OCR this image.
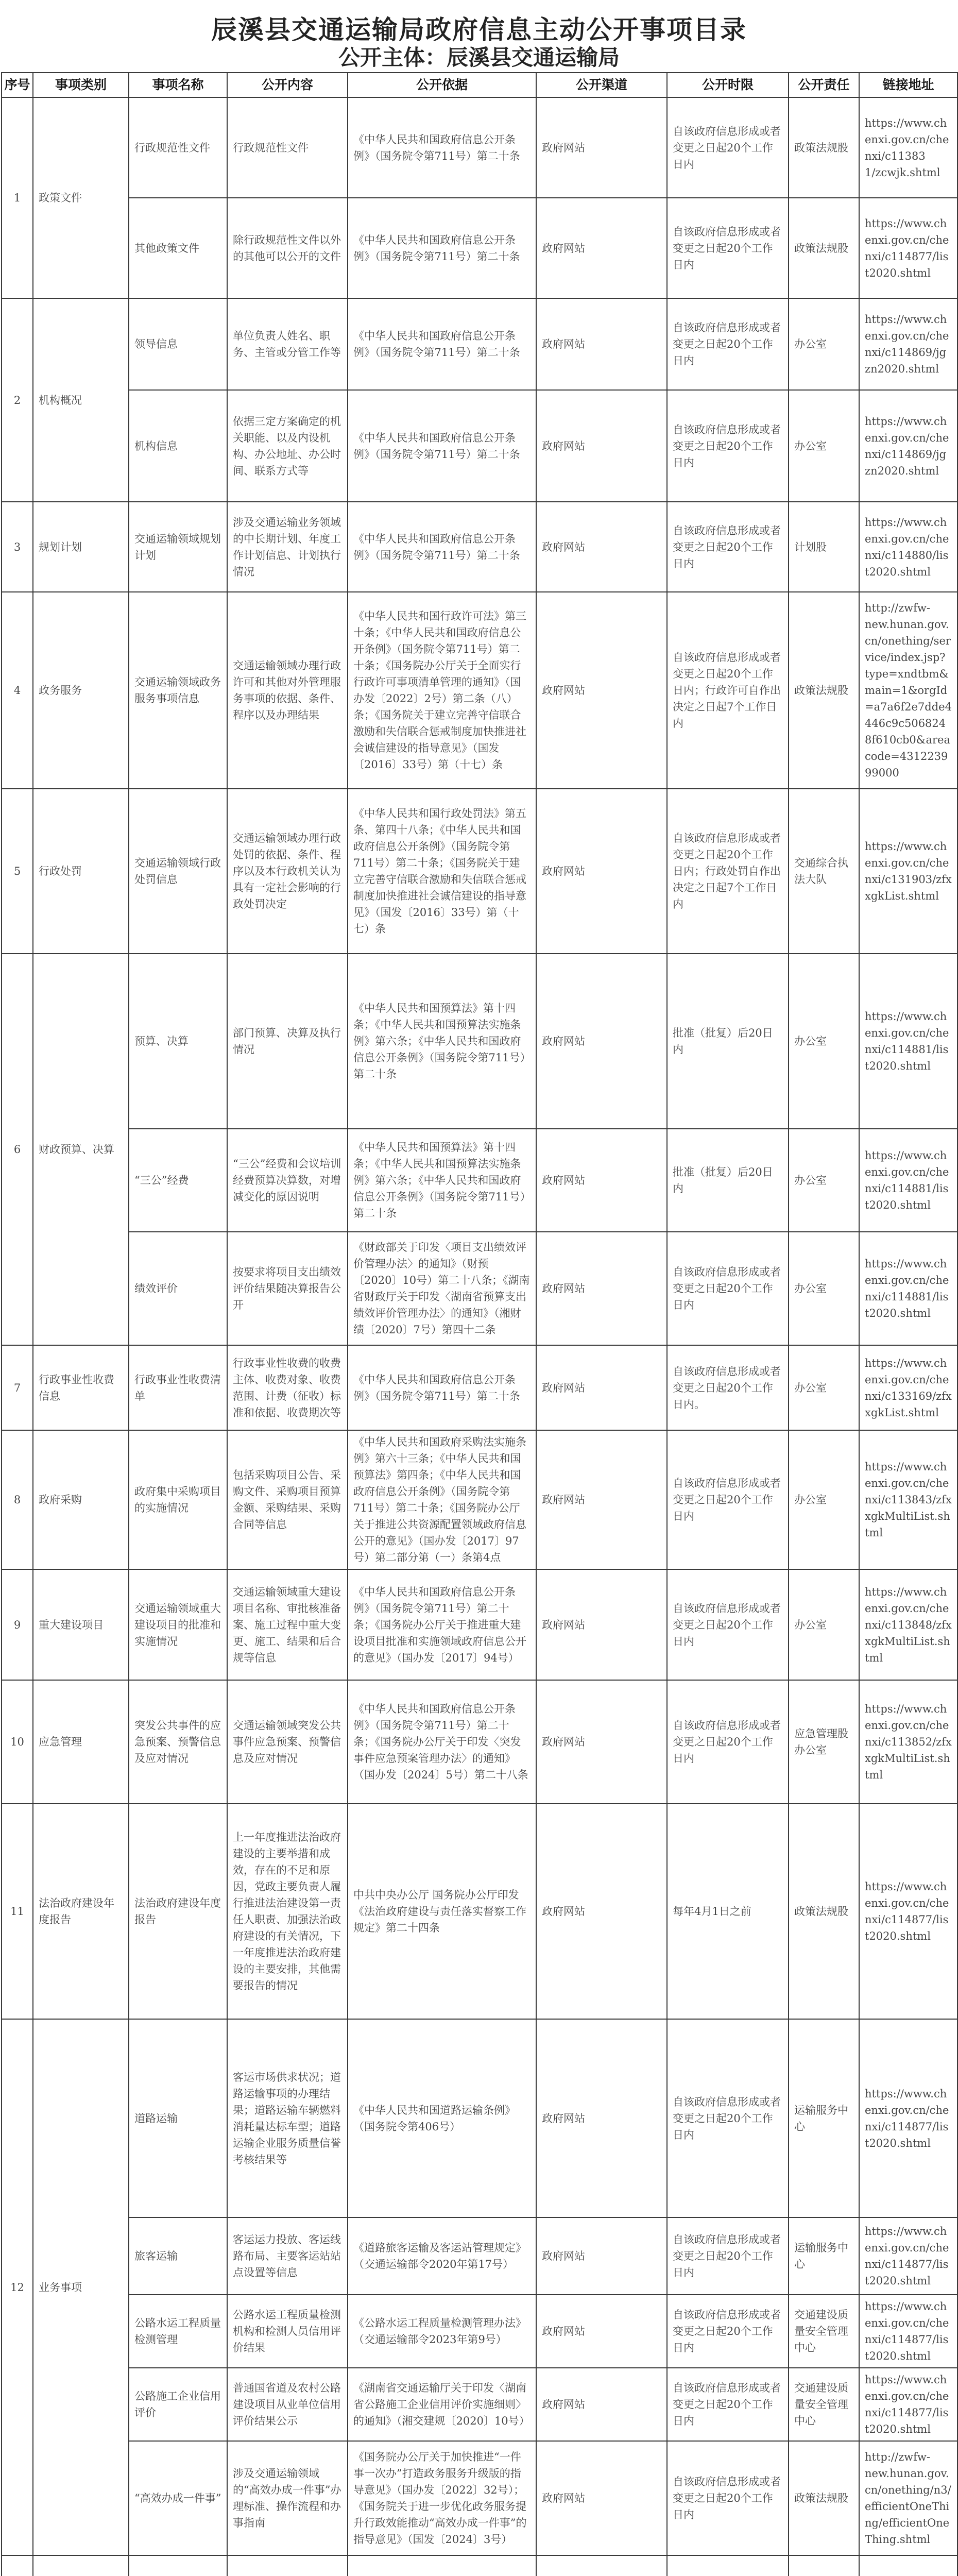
辰溪县交通运输局政府信息主动公开事项目录
公开主体：辰溪县交通运输局
序号	事项类别	事项名称	公开内容	公开依据	公开渠道	公开时限	公开责任	链接地址
1	政策文件	行政规范性文件	行政规范性文件	《中华人民共和国政府信息公开条例》（国务院令第711号）第二十条	政府网站	自该政府信息形成或者变更之日起20个工作日内	政策法规股	https://www.chenxi.gov.cn/chenxi/c11383 1/zcwjk.shtml
		其他政策文件	除行政规范性文件以外的其他可以公开的文件	《中华人民共和国政府信息公开条例》（国务院令第711号）第二十条	政府网站	自该政府信息形成或者变更之日起20个工作日内	政策法规股	https://www.chenxi.gov.cn/chenxi/c114877/list2020.shtml
2	机构概况	领导信息	单位负责人姓名、职务、主管或分管工作等	《中华人民共和国政府信息公开条例》（国务院令第711号）第二十条	政府网站	自该政府信息形成或者变更之日起20个工作日内	办公室	https://www.chenxi.gov.cn/chenxi/c114869/jgzn2020.shtml
		机构信息	依据三定方案确定的机关职能、以及内设机构、办公地址、办公时间、联系方式等	《中华人民共和国政府信息公开条例》（国务院令第711号）第二十条	政府网站	自该政府信息形成或者变更之日起20个工作日内	办公室	https://www.chenxi.gov.cn/chenxi/c114869/jgzn2020.shtml
3	规划计划	交通运输领域规划计划	涉及交通运输业务领域的中长期计划、年度工作计划信息、计划执行情况	《中华人民共和国政府信息公开条例》（国务院令第711号）第二十条	政府网站	自该政府信息形成或者变更之日起20个工作日内	计划股	https://www.chenxi.gov.cn/chenxi/c114880/list2020.shtml
4	政务服务	交通运输领域政务服务事项信息	交通运输领域办理行政许可和其他对外管理服务事项的依据、条件、程序以及办理结果	《中华人民共和国行政许可法》第三十条；《中华人民共和国政府信息公开条例》（国务院令第711号）第二十条；《国务院办公厅关于全面实行行政许可事项清单管理的通知》（国办发〔2022〕2号）第二条（八）条；《国务院关于建立完善守信联合激励和失信联合惩戒制度加快推进社会诚信建设的指导意见》（国发〔2016〕33号）第（十七）条	政府网站	自该政府信息形成或者变更之日起20个工作日内；行政许可自作出决定之日起7个工作日内	政策法规股	http://zwfw-new.hunan.gov.cn/onething/service/index.jsp?type=xndtbm&main=1&orgId=a7a6f2e7dde4446c9c5068248f610cb0&areacode=431223999000
5	行政处罚	交通运输领域行政处罚信息	交通运输领域办理行政处罚的依据、条件、程序以及本行政机关认为具有一定社会影响的行政处罚决定	《中华人民共和国行政处罚法》第五条、第四十八条；《中华人民共和国政府信息公开条例》（国务院令第711号）第二十条；《国务院关于建立完善守信联合激励和失信联合惩戒制度加快推进社会诚信建设的指导意见》（国发〔2016〕33号）第（十七）条	政府网站	自该政府信息形成或者变更之日起20个工作日内；行政处罚自作出决定之日起7个工作日内	交通综合执法大队	https://www.chenxi.gov.cn/chenxi/c131903/zfxxgkList.shtml
6	财政预算、决算	预算、决算	部门预算、决算及执行情况	《中华人民共和国预算法》第十四条；《中华人民共和国预算法实施条例》第六条；《中华人民共和国政府信息公开条例》（国务院令第711号）第二十条	政府网站	批准（批复）后20日内	办公室	https://www.chenxi.gov.cn/chenxi/c114881/list2020.shtml
		“三公”经费	“三公”经费和会议培训经费预算决算数，对增减变化的原因说明	《中华人民共和国预算法》第十四条；《中华人民共和国预算法实施条例》第六条；《中华人民共和国政府信息公开条例》（国务院令第711号）第二十条	政府网站	批准（批复）后20日内	办公室	https://www.chenxi.gov.cn/chenxi/c114881/list2020.shtml
		绩效评价	按要求将项目支出绩效评价结果随决算报告公开	《财政部关于印发〈项目支出绩效评价管理办法〉的通知》（财预〔2020〕10号）第二十八条；《湖南省财政厅关于印发〈湖南省预算支出绩效评价管理办法〉的通知》（湘财绩〔2020〕7号）第四十二条	政府网站	自该政府信息形成或者变更之日起20个工作日内	办公室	https://www.chenxi.gov.cn/chenxi/c114881/list2020.shtml
7	行政事业性收费信息	行政事业性收费清单	行政事业性收费的收费主体、收费对象、收费范围、计费（征收）标准和依据、收费期次等	《中华人民共和国政府信息公开条例》（国务院令第711号）第二十条	政府网站	自该政府信息形成或者变更之日起20个工作日内。	办公室	https://www.chenxi.gov.cn/chenxi/c133169/zfxxgkList.shtml
8	政府采购	政府集中采购项目的实施情况	包括采购项目公告、采购文件、采购项目预算金额、采购结果、采购合同等信息	《中华人民共和国政府采购法实施条例》第六十三条；《中华人民共和国预算法》第四条；《中华人民共和国政府信息公开条例》（国务院令第711号）第二十条；《国务院办公厅关于推进公共资源配置领域政府信息公开的意见》（国办发〔2017〕97号）第二部分第（一）条第4点	政府网站	自该政府信息形成或者变更之日起20个工作日内	办公室	https://www.chenxi.gov.cn/chenxi/c113843/zfxxgkMultiList.shtml
9	重大建设项目	交通运输领域重大建设项目的批准和实施情况	交通运输领域重大建设项目名称、审批核准备案、施工过程中重大变更、施工、结果和后合规等信息	《中华人民共和国政府信息公开条例》（国务院令第711号）第二十条；《国务院办公厅关于推进重大建设项目批准和实施领域政府信息公开的意见》（国办发〔2017〕94号）	政府网站	自该政府信息形成或者变更之日起20个工作日内	办公室	https://www.chenxi.gov.cn/chenxi/c113848/zfxxgkMultiList.shtml
10	应急管理	突发公共事件的应急预案、预警信息及应对情况	交通运输领域突发公共事件应急预案、预警信息及应对情况	《中华人民共和国政府信息公开条例》（国务院令第711号）第二十条；《国务院办公厅关于印发〈突发事件应急预案管理办法〉的通知》（国办发〔2024〕5号）第二十八条	政府网站	自该政府信息形成或者变更之日起20个工作日内	应急管理股办公室	https://www.chenxi.gov.cn/chenxi/c113852/zfxxgkMultiList.shtml
11	法治政府建设年度报告	法治政府建设年度报告	上一年度推进法治政府建设的主要举措和成效，存在的不足和原因，党政主要负责人履行推进法治建设第一责任人职责、加强法治政府建设的有关情况，下一年度推进法治政府建设的主要安排，其他需要报告的情况	中共中央办公厅 国务院办公厅印发《法治政府建设与责任落实督察工作规定》第二十四条	政府网站	每年4月1日之前	政策法规股	https://www.chenxi.gov.cn/chenxi/c114877/list2020.shtml
12	业务事项	道路运输	客运市场供求状况；道路运输事项的办理结果；道路运输车辆燃料消耗量达标车型；道路运输企业服务质量信誉考核结果等	《中华人民共和国道路运输条例》（国务院令第406号）	政府网站	自该政府信息形成或者变更之日起20个工作日内	运输服务中心	https://www.chenxi.gov.cn/chenxi/c114877/list2020.shtml
		旅客运输	客运运力投放、客运线路布局、主要客运站站点设置等信息	《道路旅客运输及客运站管理规定》（交通运输部令2020年第17号）	政府网站	自该政府信息形成或者变更之日起20个工作日内	运输服务中心	https://www.chenxi.gov.cn/chenxi/c114877/list2020.shtml
		公路水运工程质量检测管理	公路水运工程质量检测机构和检测人员信用评价结果	《公路水运工程质量检测管理办法》（交通运输部令2023年第9号）	政府网站	自该政府信息形成或者变更之日起20个工作日内	交通建设质量安全管理中心	https://www.chenxi.gov.cn/chenxi/c114877/list2020.shtml
		公路施工企业信用评价	普通国省道及农村公路建设项目从业单位信用评价结果公示	《湖南省交通运输厅关于印发〈湖南省公路施工企业信用评价实施细则〉的通知》（湘交建规〔2020〕10号）	政府网站	自该政府信息形成或者变更之日起20个工作日内	交通建设质量安全管理中心	https://www.chenxi.gov.cn/chenxi/c114877/list2020.shtml
		“高效办成一件事”	涉及交通运输领域的“高效办成一件事”办理标准、操作流程和办事指南	《国务院办公厅关于加快推进“一件事一次办”打造政务服务升级版的指导意见》（国办发〔2022〕32号）；《国务院关于进一步优化政务服务提升行政效能推动“高效办成一件事”的指导意见》（国发〔2024〕3号）	政府网站	自该政府信息形成或者变更之日起20个工作日内	政策法规股	http://zwfw-new.hunan.gov.cn/onething/n3/efficientOneThing/efficientOneThing.shtml
